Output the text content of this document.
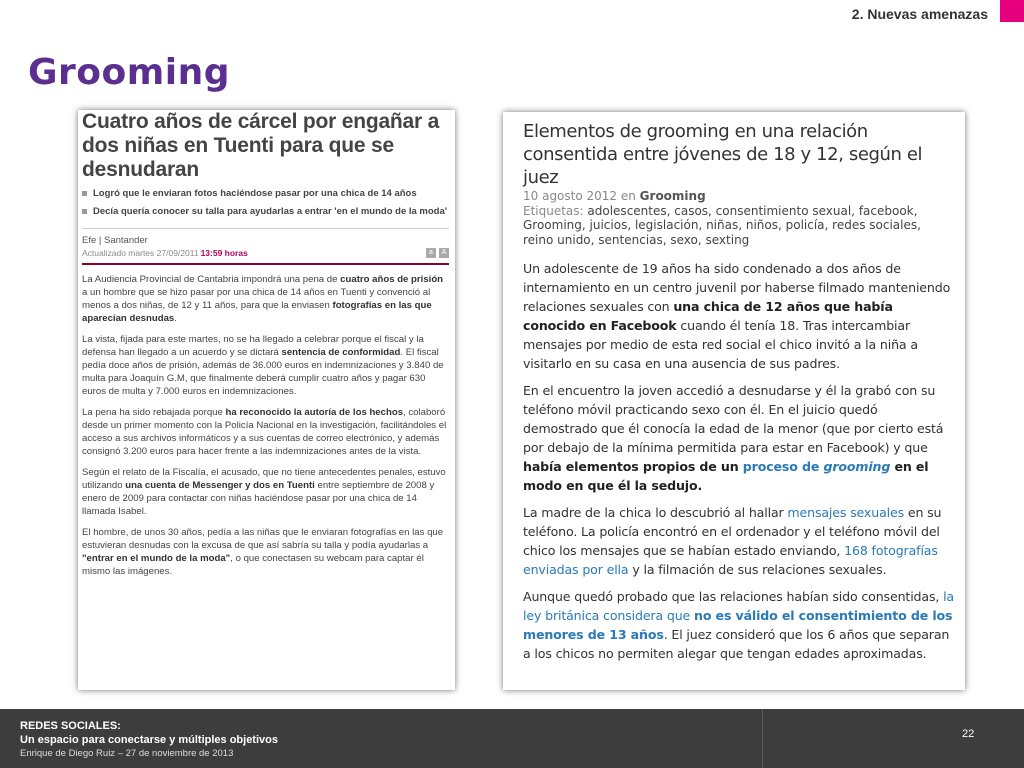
2. Nuevas amenazas
Grooming
Cuatro años de cárcel por engañar a dos niñas en Tuenti para que se desnudaran
Logró que le enviaran fotos haciéndose pasar por una chica de 14 años
Decía quería conocer su talla para ayudarlas a entrar 'en el mundo de la moda'
Efe | Santander
Actualizado martes 27/09/2011 13:59 horas	a	A

La Audiencia Provincial de Cantabria impondrá una pena de cuatro años de prisión a un hombre que se hizo pasar por una chica de 14 años en Tuenti y convenció al menos a dos niñas, de 12 y 11 años, para que la enviasen fotografías en las que aparecían desnudas.

La vista, fijada para este martes, no se ha llegado a celebrar porque el fiscal y la defensa han llegado a un acuerdo y se dictará sentencia de conformidad. El fiscal pedía doce años de prisión, además de 36.000 euros en indemnizaciones y 3.840 de multa para Joaquín G.M, que finalmente deberá cumplir cuatro años y pagar 630 euros de multa y 7.000 euros en indemnizaciones.

La pena ha sido rebajada porque ha reconocido la autoría de los hechos, colaboró desde un primer momento con la Policía Nacional en la investigación, facilitándoles el acceso a sus archivos informáticos y a sus cuentas de correo electrónico, y además consignó 3.200 euros para hacer frente a las indemnizaciones antes de la vista.

Según el relato de la Fiscalía, el acusado, que no tiene antecedentes penales, estuvo utilizando una cuenta de Messenger y dos en Tuenti entre septiembre de 2008 y enero de 2009 para contactar con niñas haciéndose pasar por una chica de 14 llamada Isabel.

El hombre, de unos 30 años, pedía a las niñas que le enviaran fotografías en las que estuvieran desnudas con la excusa de que así sabría su talla y podía ayudarlas a "entrar en el mundo de la moda", o que conectasen su webcam para captar él mismo las imágenes.

Elementos de grooming en una relación consentida entre jóvenes de 18 y 12, según el juez
10 agosto 2012 en Grooming
Etiquetas: adolescentes, casos, consentimiento sexual, facebook, Grooming, juicios, legislación, niñas, niños, policía, redes sociales, reino unido, sentencias, sexo, sexting

Un adolescente de 19 años ha sido condenado a dos años de internamiento en un centro juvenil por haberse filmado manteniendo relaciones sexuales con una chica de 12 años que había conocido en Facebook cuando él tenía 18. Tras intercambiar mensajes por medio de esta red social el chico invitó a la niña a visitarlo en su casa en una ausencia de sus padres.

En el encuentro la joven accedió a desnudarse y él la grabó con su teléfono móvil practicando sexo con él. En el juicio quedó demostrado que él conocía la edad de la menor (que por cierto está por debajo de la mínima permitida para estar en Facebook) y que había elementos propios de un proceso de grooming en el modo en que él la sedujo.

La madre de la chica lo descubrió al hallar mensajes sexuales en su teléfono. La policía encontró en el ordenador y el teléfono móvil del chico los mensajes que se habían estado enviando, 168 fotografías enviadas por ella y la filmación de sus relaciones sexuales.

Aunque quedó probado que las relaciones habían sido consentidas, la ley británica considera que no es válido el consentimiento de los menores de 13 años. El juez consideró que los 6 años que separan a los chicos no permiten alegar que tengan edades aproximadas.

REDES SOCIALES:
Un espacio para conectarse y múltiples objetivos
Enrique de Diego Ruiz – 27 de noviembre de 2013
22
